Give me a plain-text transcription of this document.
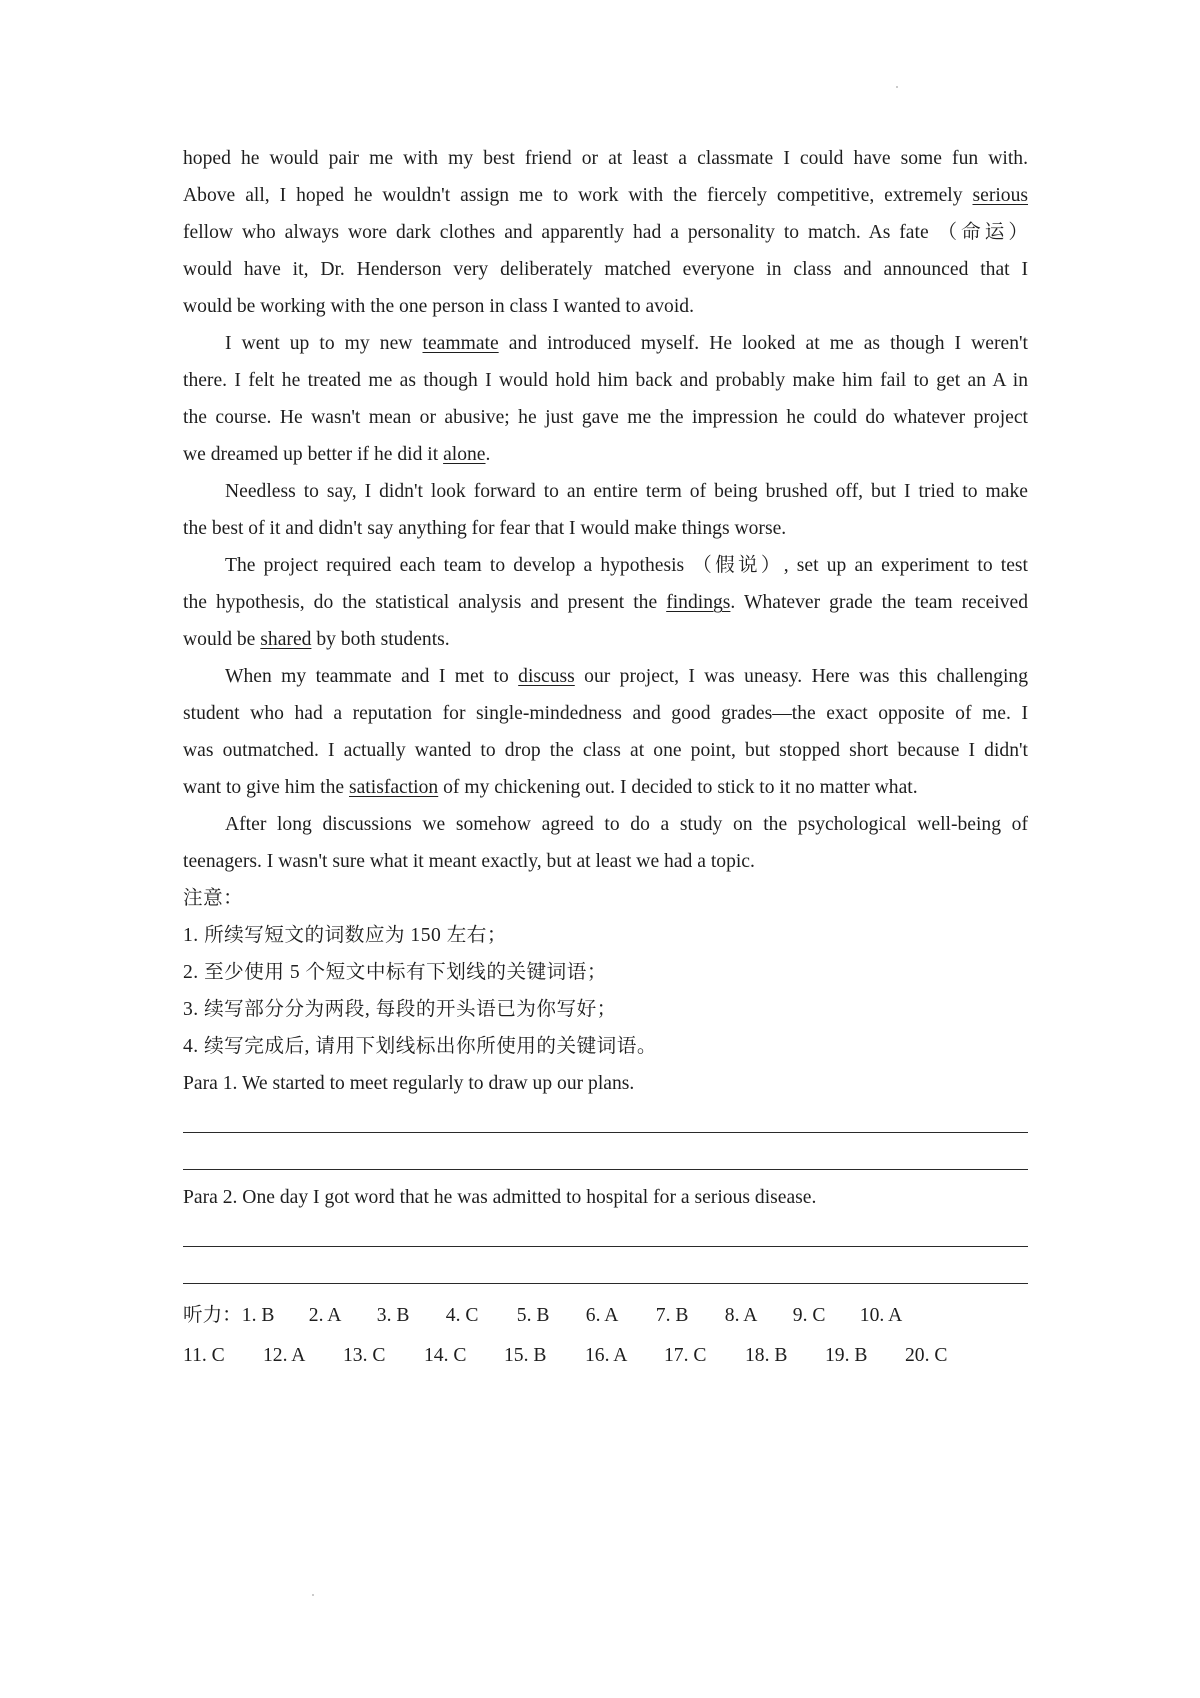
hoped he would pair me with my best friend or at least a classmate I could have some fun with.
Above all, I hoped he wouldn't assign me to work with the fiercely competitive, extremely serious
fellow who always wore dark clothes and apparently had a personality to match. As fate （命运）
would have it, Dr. Henderson very deliberately matched everyone in class and announced that I
would be working with the one person in class I wanted to avoid.
I went up to my new teammate and introduced myself. He looked at me as though I weren't
there. I felt he treated me as though I would hold him back and probably make him fail to get an A in
the course. He wasn't mean or abusive; he just gave me the impression he could do whatever project
we dreamed up better if he did it alone.
Needless to say, I didn't look forward to an entire term of being brushed off, but I tried to make
the best of it and didn't say anything for fear that I would make things worse.
The project required each team to develop a hypothesis （假说）, set up an experiment to test
the hypothesis, do the statistical analysis and present the findings. Whatever grade the team received
would be shared by both students.
When my teammate and I met to discuss our project, I was uneasy. Here was this challenging
student who had a reputation for single-mindedness and good grades—the exact opposite of me. I
was outmatched. I actually wanted to drop the class at one point, but stopped short because I didn't
want to give him the satisfaction of my chickening out. I decided to stick to it no matter what.
After long discussions we somehow agreed to do a study on the psychological well-being of
teenagers. I wasn't sure what it meant exactly, but at least we had a topic.
注意：
1. 所续写短文的词数应为 150 左右；
2. 至少使用 5 个短文中标有下划线的关键词语；
3. 续写部分分为两段, 每段的开头语已为你写好；
4. 续写完成后, 请用下划线标出你所使用的关键词语。
Para 1. We started to meet regularly to draw up our plans.
Para 2. One day I got word that he was admitted to hospital for a serious disease.
听力： 1. B	2. A	3. B	4. C	5. B	6. A	7. B	8. A	9. C	10. A
11. C	12. A	13. C	14. C	15. B	16. A	17. C	18. B	19. B	20. C
